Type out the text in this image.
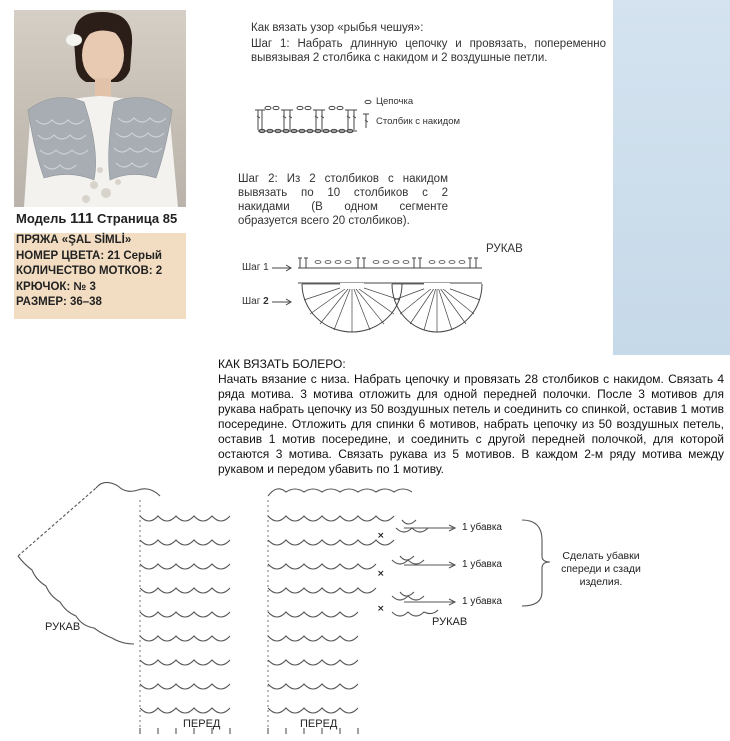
Модель 111 Страница 85
ПРЯЖА «ŞAL SİMLİ»
НОМЕР ЦВЕТА: 21 Серый
КОЛИЧЕСТВО МОТКОВ: 2
КРЮЧОК: № 3
РАЗМЕР: 36–38
Как вязать узор «рыбья чешуя»:
Шаг 1: Набрать длинную цепочку и провязать, попеременно вывязывая 2 столбика с накидом и 2 воздушные петли.
Цепочка
Столбик с накидом
Шаг 2: Из 2 столбиков с накидом вывязать по 10 столбиков с 2 накидами (В одном сегменте образуется всего 20 столбиков).
Шаг 1
Шаг 2
РУКАВ
КАК ВЯЗАТЬ БОЛЕРО:
Начать вязание с низа. Набрать цепочку и провязать 28 столбиков с накидом. Связать 4 ряда мотива. 3 мотива отложить для одной передней полочки. После 3 мотивов для рукава набрать цепочку из 50 воздушных петель и соединить со спинкой, оставив 1 мотив посередине. Отложить для спинки 6 мотивов, набрать цепочку из 50 воздушных петель, оставив 1 мотив посередине, и соединить с другой передней полочкой, для которой остаются 3 мотива. Связать рукава из 5 мотивов. В каждом 2-м ряду мотива между рукавом и передом убавить по 1 мотиву.
×
×
×
РУКАВ	РУКАВ
ПЕРЕД	ПЕРЕД
1 убавка
1 убавка
1 убавка
Сделать убавки спереди и сзади изделия.
